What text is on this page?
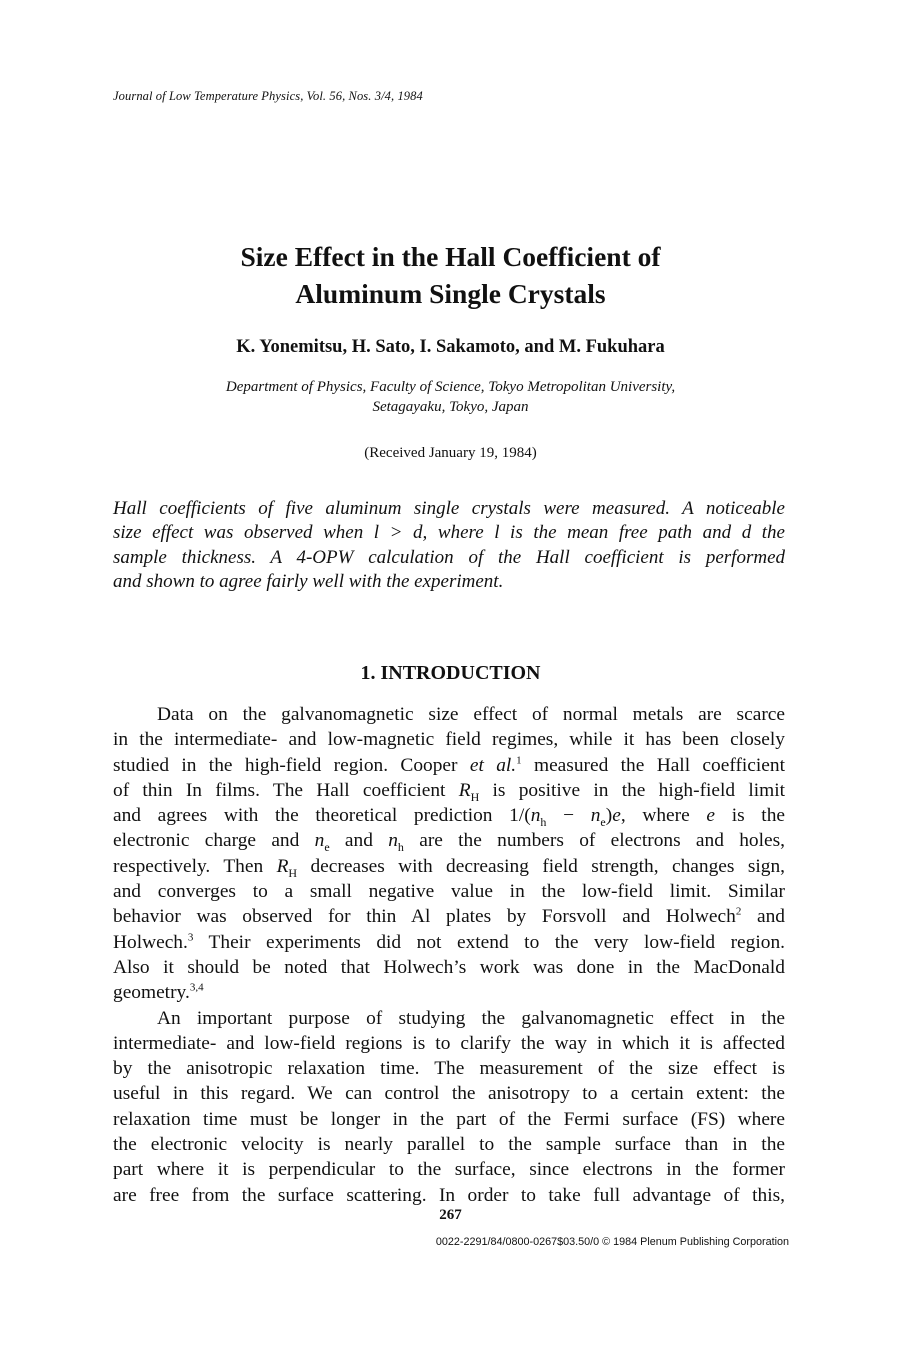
Journal of Low Temperature Physics, Vol. 56, Nos. 3/4, 1984
Size Effect in the Hall Coefficient of
Aluminum Single Crystals
K. Yonemitsu, H. Sato, I. Sakamoto, and M. Fukuhara
Department of Physics, Faculty of Science, Tokyo Metropolitan University,
Setagayaku, Tokyo, Japan
(Received January 19, 1984)
Hall coefficients of five aluminum single crystals were measured. A noticeable
size effect was observed when l > d, where l is the mean free path and d the
sample thickness. A 4-OPW calculation of the Hall coefficient is performed
and shown to agree fairly well with the experiment.
1. INTRODUCTION
Data on the galvanomagnetic size effect of normal metals are scarce
in the intermediate- and low-magnetic field regimes, while it has been closely
studied in the high-field region. Cooper et al.$^1$ measured the Hall coefficient
of thin In films. The Hall coefficient $R_H$ is positive in the high-field limit
and agrees with the theoretical prediction $1/(n_h - n_e)e$, where e is the
electronic charge and $n_e$ and $n_h$ are the numbers of electrons and holes,
respectively. Then $R_H$ decreases with decreasing field strength, changes sign,
and converges to a small negative value in the low-field limit. Similar
behavior was observed for thin Al plates by Forsvoll and Holwech$^2$ and
Holwech.$^3$ Their experiments did not extend to the very low-field region.
Also it should be noted that Holwech’s work was done in the MacDonald
geometry.$^{3,4}$
An important purpose of studying the galvanomagnetic effect in the
intermediate- and low-field regions is to clarify the way in which it is affected
by the anisotropic relaxation time. The measurement of the size effect is
useful in this regard. We can control the anisotropy to a certain extent: the
relaxation time must be longer in the part of the Fermi surface (FS) where
the electronic velocity is nearly parallel to the sample surface than in the
part where it is perpendicular to the surface, since electrons in the former
are free from the surface scattering. In order to take full advantage of this,
267
0022-2291/84/0800-0267$03.50/0 © 1984 Plenum Publishing Corporation
